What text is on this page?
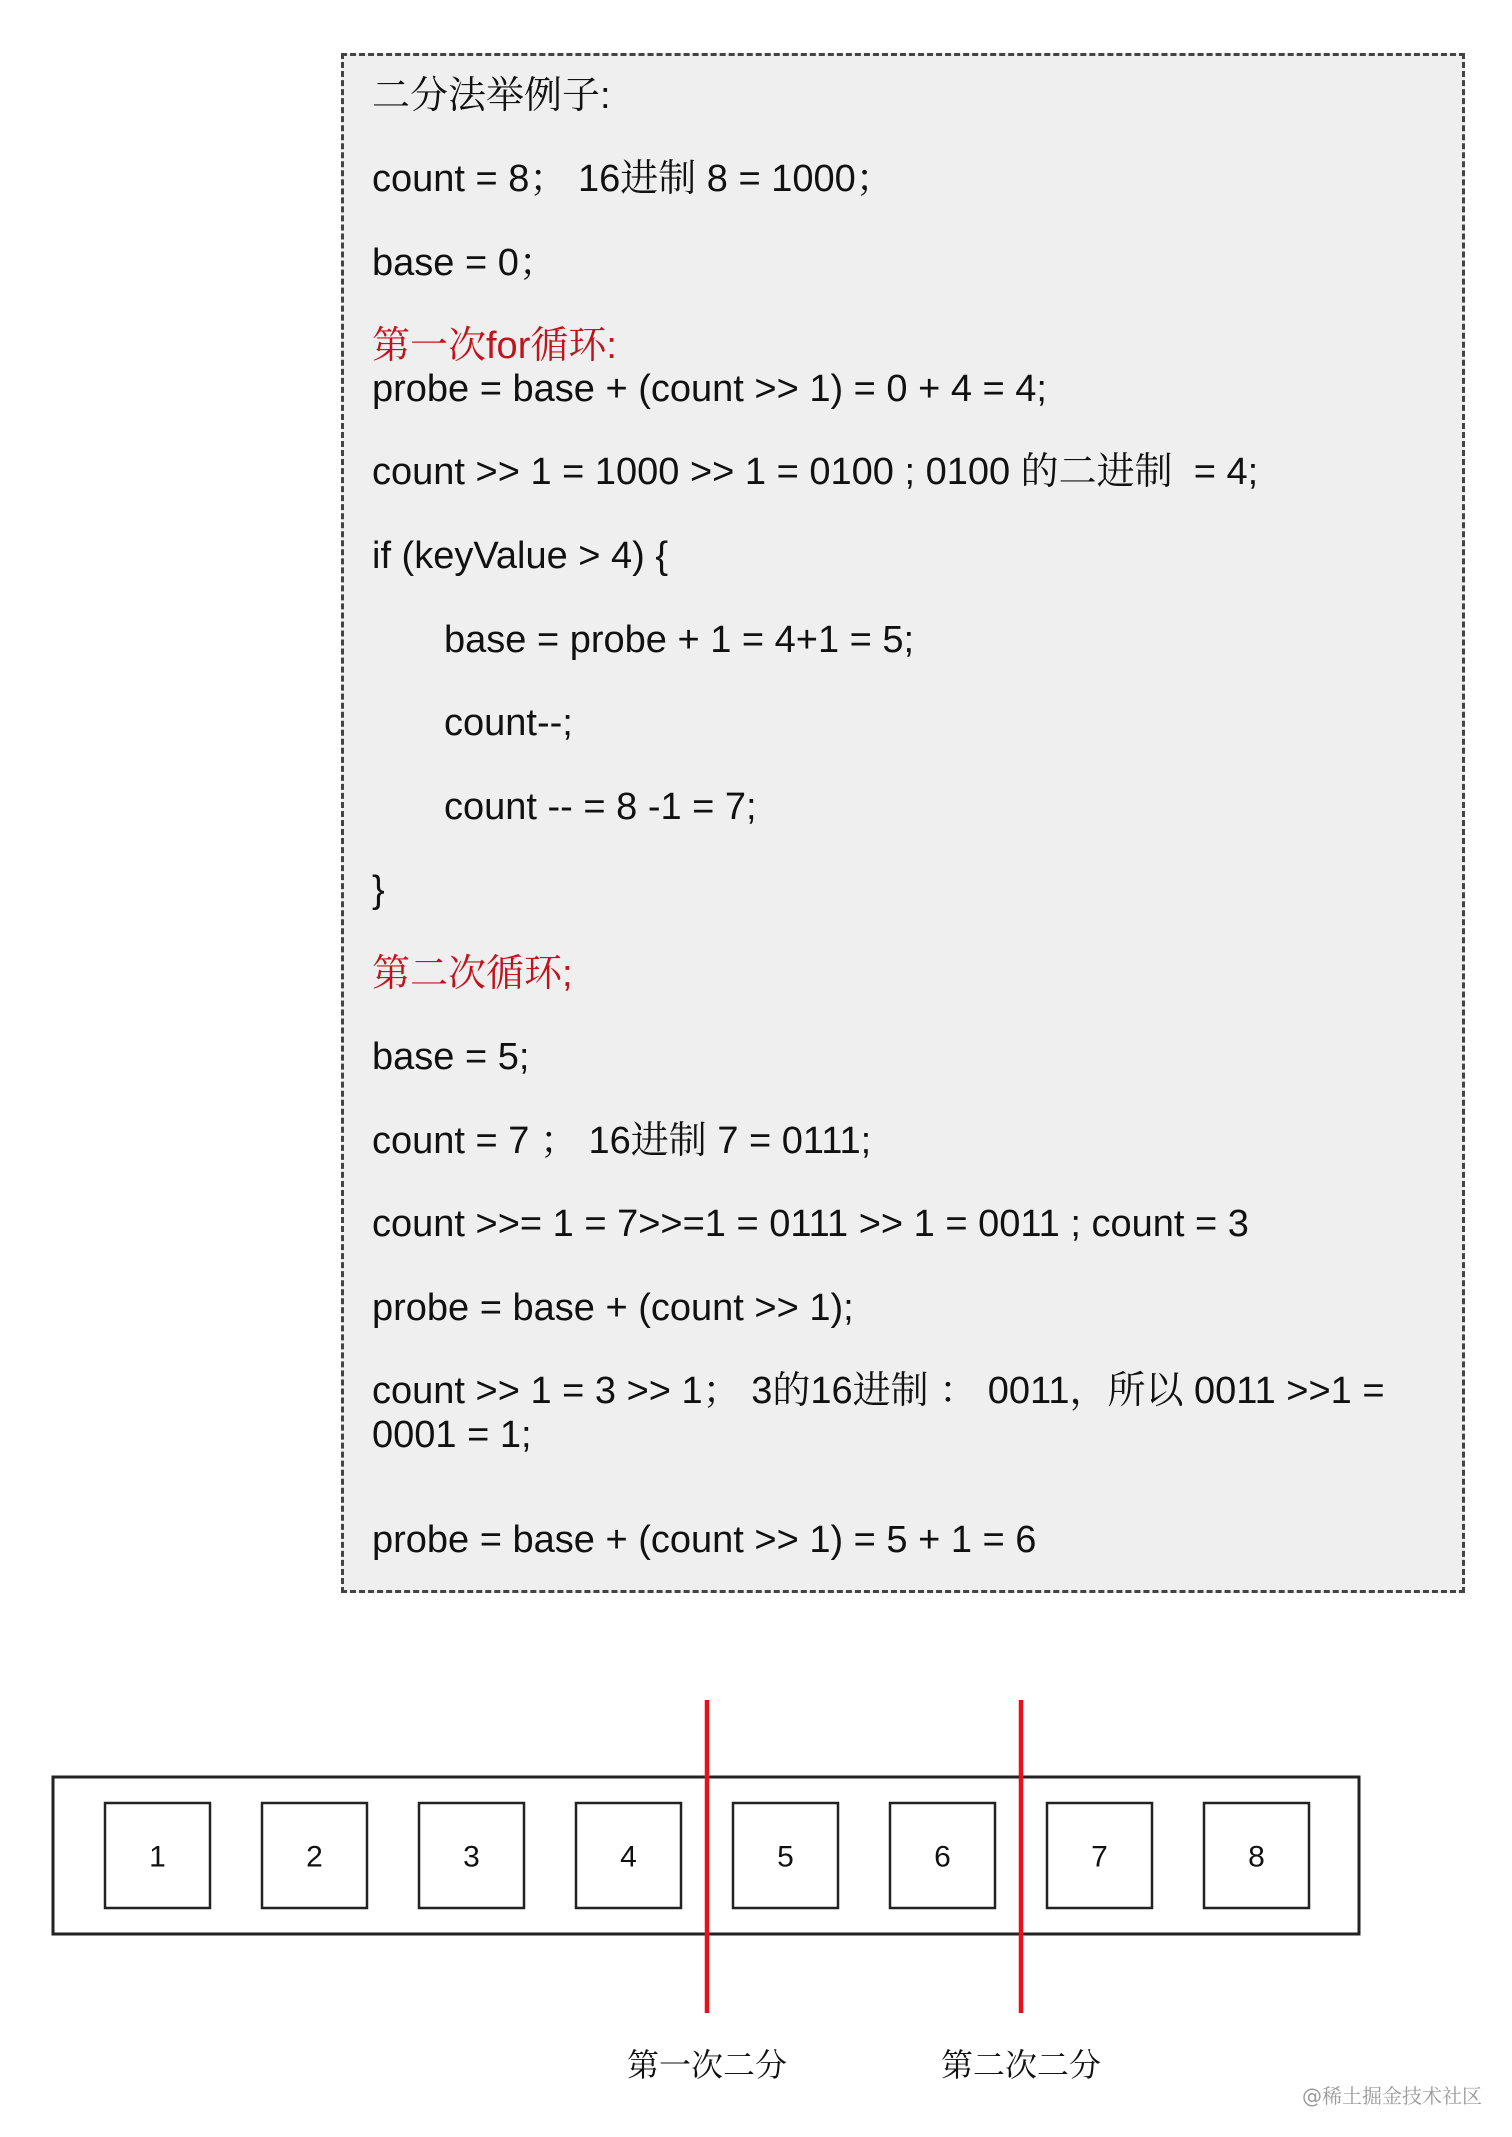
二分法举例子:
count = 8； 16进制 8 = 1000；
base = 0；
第一次for循环:
probe = base + (count >> 1) = 0 + 4 = 4;
count >> 1 = 1000 >> 1 = 0100 ; 0100 的二进制  = 4;
if (keyValue > 4) {
base = probe + 1 = 4+1 = 5;
count--;
count -- = 8 -1 = 7;
}
第二次循环;
base = 5;
count = 7 ； 16进制 7 = 0111;
count >>= 1 = 7>>=1 = 0111 >> 1 = 0011 ; count = 3
probe = base + (count >> 1);
count >> 1 = 3 >> 1； 3的16进制 ： 0011，所以 0011 >>1 = 0001 = 1;
probe = base + (count >> 1) = 5 + 1 = 6
1	2	3	4	5	6	7	8
第一次二分	第二次二分
@稀土掘金技术社区
